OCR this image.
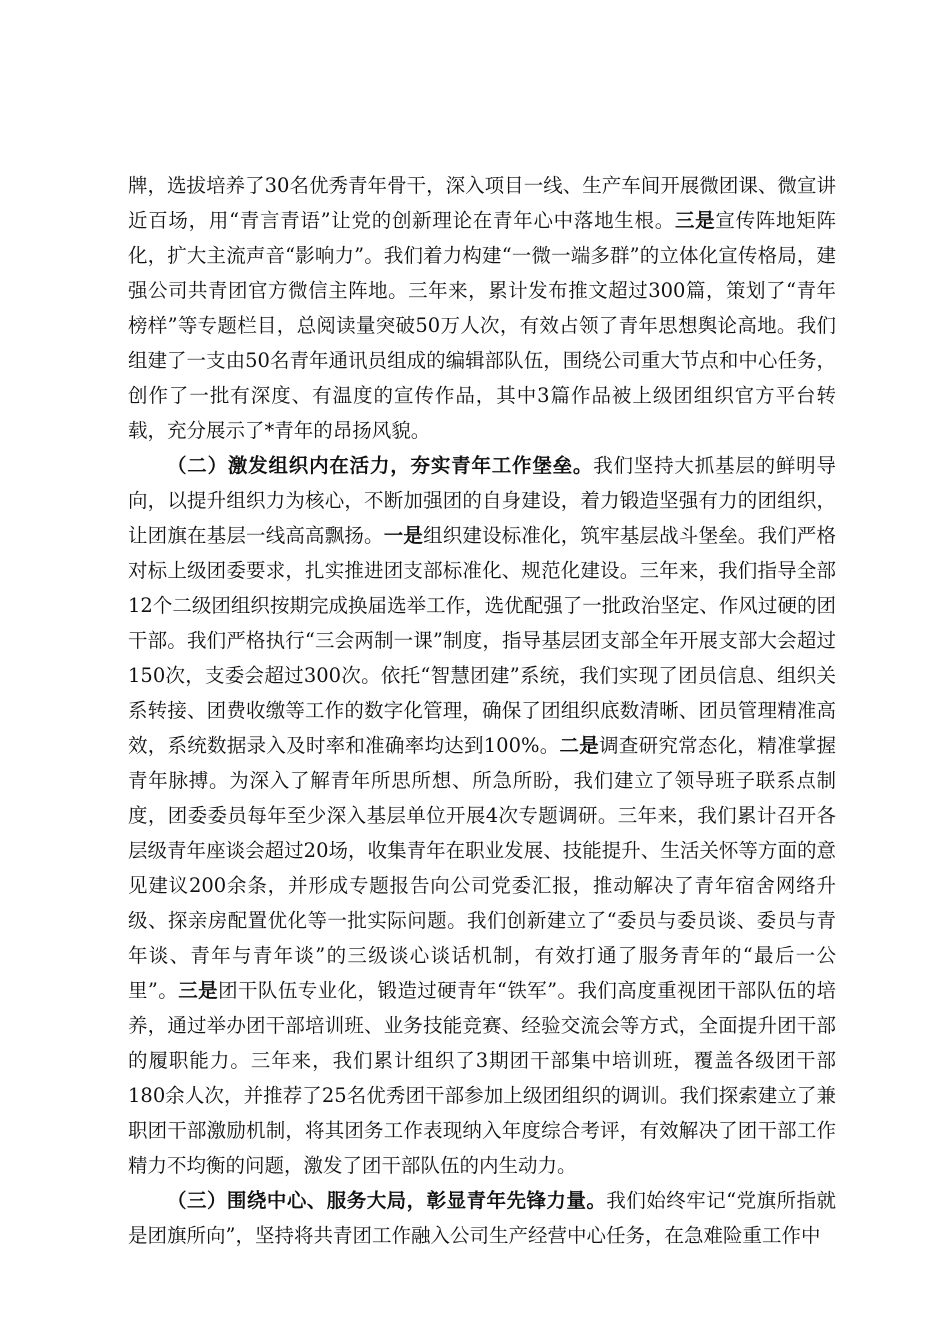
牌，选拔培养了30名优秀青年骨干，深入项目一线、生产车间开展微团课、微宣讲近百场，用“青言青语”让党的创新理论在青年心中落地生根。三是宣传阵地矩阵化，扩大主流声音“影响力”。我们着力构建“一微一端多群”的立体化宣传格局，建强公司共青团官方微信主阵地。三年来，累计发布推文超过300篇，策划了“青年榜样”等专题栏目，总阅读量突破50万人次，有效占领了青年思想舆论高地。我们组建了一支由50名青年通讯员组成的编辑部队伍，围绕公司重大节点和中心任务，创作了一批有深度、有温度的宣传作品，其中3篇作品被上级团组织官方平台转载，充分展示了*青年的昂扬风貌。

（二）激发组织内在活力，夯实青年工作堡垒。我们坚持大抓基层的鲜明导向，以提升组织力为核心，不断加强团的自身建设，着力锻造坚强有力的团组织，让团旗在基层一线高高飘扬。一是组织建设标准化，筑牢基层战斗堡垒。我们严格对标上级团委要求，扎实推进团支部标准化、规范化建设。三年来，我们指导全部12个二级团组织按期完成换届选举工作，选优配强了一批政治坚定、作风过硬的团干部。我们严格执行“三会两制一课”制度，指导基层团支部全年开展支部大会超过150次，支委会超过300次。依托“智慧团建”系统，我们实现了团员信息、组织关系转接、团费收缴等工作的数字化管理，确保了团组织底数清晰、团员管理精准高效，系统数据录入及时率和准确率均达到100%。二是调查研究常态化，精准掌握青年脉搏。为深入了解青年所思所想、所急所盼，我们建立了领导班子联系点制度，团委委员每年至少深入基层单位开展4次专题调研。三年来，我们累计召开各层级青年座谈会超过20场，收集青年在职业发展、技能提升、生活关怀等方面的意见建议200余条，并形成专题报告向公司党委汇报，推动解决了青年宿舍网络升级、探亲房配置优化等一批实际问题。我们创新建立了“委员与委员谈、委员与青年谈、青年与青年谈”的三级谈心谈话机制，有效打通了服务青年的“最后一公里”。三是团干队伍专业化，锻造过硬青年“铁军”。我们高度重视团干部队伍的培养，通过举办团干部培训班、业务技能竞赛、经验交流会等方式，全面提升团干部的履职能力。三年来，我们累计组织了3期团干部集中培训班，覆盖各级团干部180余人次，并推荐了25名优秀团干部参加上级团组织的调训。我们探索建立了兼职团干部激励机制，将其团务工作表现纳入年度综合考评，有效解决了团干部工作精力不均衡的问题，激发了团干部队伍的内生动力。

（三）围绕中心、服务大局，彰显青年先锋力量。我们始终牢记“党旗所指就是团旗所向”，坚持将共青团工作融入公司生产经营中心任务，在急难险重工作中
